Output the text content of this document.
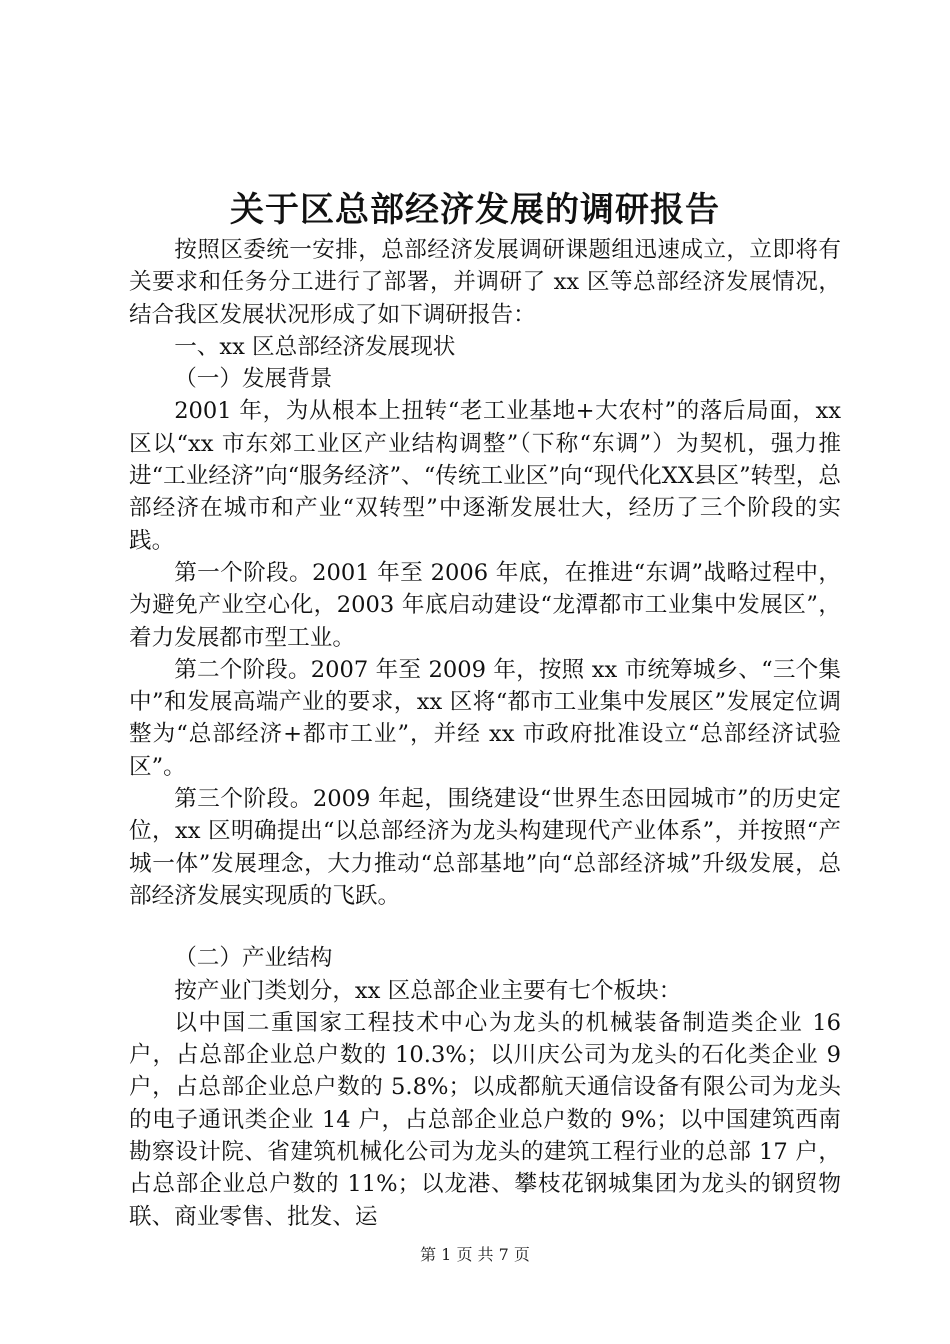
关于区总部经济发展的调研报告

按照区委统一安排，总部经济发展调研课题组迅速成立，立即将有关要求和任务分工进行了部署，并调研了 xx 区等总部经济发展情况，结合我区发展状况形成了如下调研报告：

一、xx 区总部经济发展现状

（一）发展背景

2001 年，为从根本上扭转“老工业基地+大农村”的落后局面，xx 区以“xx 市东郊工业区产业结构调整”（下称“东调”）为契机，强力推进“工业经济”向“服务经济”、“传统工业区”向“现代化XX县区”转型，总部经济在城市和产业“双转型”中逐渐发展壮大，经历了三个阶段的实践。

第一个阶段。2001 年至 2006 年底，在推进“东调”战略过程中，为避免产业空心化，2003 年底启动建设“龙潭都市工业集中发展区”，着力发展都市型工业。

第二个阶段。2007 年至 2009 年，按照 xx 市统筹城乡、“三个集中”和发展高端产业的要求，xx 区将“都市工业集中发展区”发展定位调整为“总部经济+都市工业”，并经 xx 市政府批准设立“总部经济试验区”。

第三个阶段。2009 年起，围绕建设“世界生态田园城市”的历史定位，xx 区明确提出“以总部经济为龙头构建现代产业体系”，并按照“产城一体”发展理念，大力推动“总部基地”向“总部经济城”升级发展，总部经济发展实现质的飞跃。

（二）产业结构

按产业门类划分，xx 区总部企业主要有七个板块：

以中国二重国家工程技术中心为龙头的机械装备制造类企业 16 户，占总部企业总户数的 10.3%；以川庆公司为龙头的石化类企业 9 户，占总部企业总户数的 5.8%；以成都航天通信设备有限公司为龙头的电子通讯类企业 14 户，占总部企业总户数的 9%；以中国建筑西南勘察设计院、省建筑机械化公司为龙头的建筑工程行业的总部 17 户，占总部企业总户数的 11%；以龙港、攀枝花钢城集团为龙头的钢贸物联、商业零售、批发、运

第 1 页 共 7 页
